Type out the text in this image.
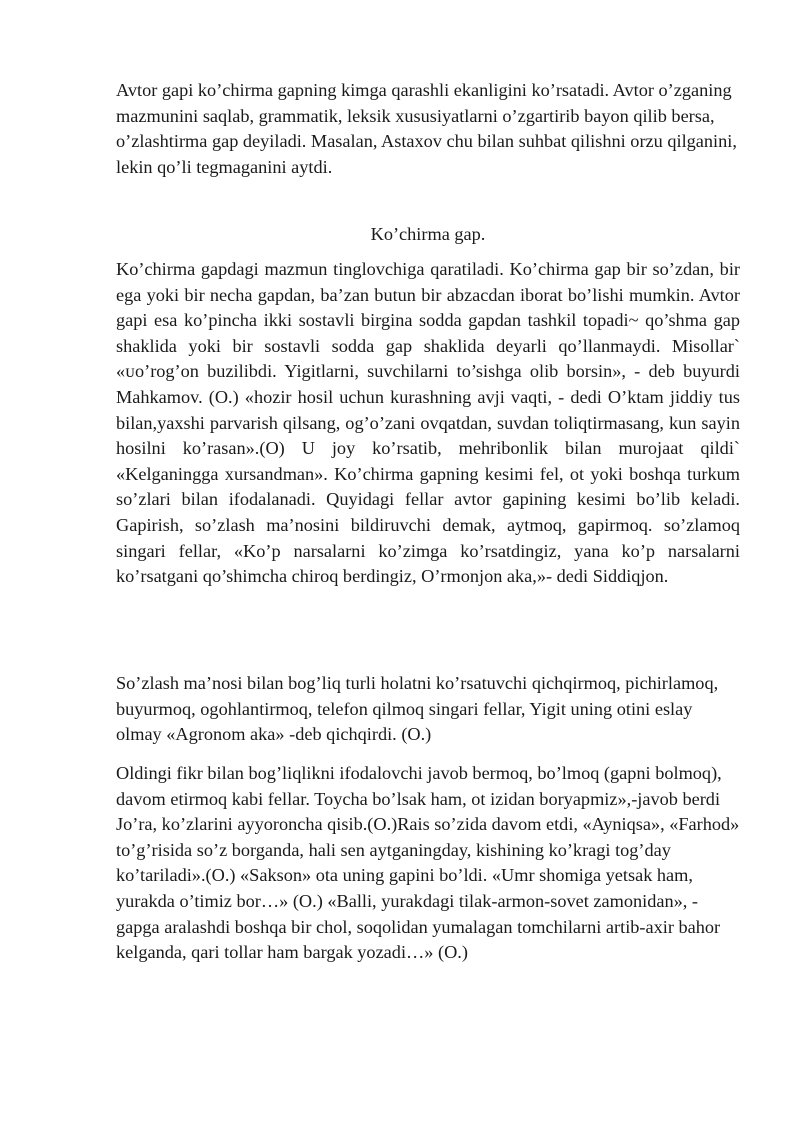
Avtor gapi ko’chirma gapning kimga qarashli ekanligini ko’rsatadi. Avtor o’zganing mazmunini saqlab, grammatik, leksik xususiyatlarni o’zgartirib bayon qilib bersa, o’zlashtirma gap deyiladi. Masalan, Astaxov chu bilan suhbat qilishni orzu qilganini, lekin qo’li tegmaganini aytdi.

Ko’chirma gap.

Ko’chirma gapdagi mazmun tinglovchiga qaratiladi. Ko’chirma gap bir so’zdan, bir ega yoki bir necha gapdan, ba’zan butun bir abzacdan iborat bo’lishi mumkin. Avtor gapi esa ko’pincha ikki sostavli birgina sodda gapdan tashkil topadi~ qo’shma gap shaklida yoki bir sostavli sodda gap shaklida deyarli qo’llanmaydi. Misollar` «ᴜo’rog’on buzilibdi. Yigitlarni, suvchilarni to’sishga olib borsin», - deb buyurdi Mahkamov. (O.) «hozir hosil uchun kurashning avji vaqti, - dedi O’ktam jiddiy tus bilan,yaxshi parvarish qilsang, og’o’zani ovqatdan, suvdan toliqtirmasang, kun sayin hosilni ko’rasan».(O) U joy ko’rsatib, mehribonlik bilan murojaat qildi` «Kelganingga xursandman». Ko’chirma gapning kesimi fel, ot yoki boshqa turkum so’zlari bilan ifodalanadi. Quyidagi fellar avtor gapining kesimi bo’lib keladi. Gapirish, so’zlash ma’nosini bildiruvchi demak, aytmoq, gapirmoq. so’zlamoq singari fellar, «Ko’p narsalarni ko’zimga ko’rsatdingiz, yana ko’p narsalarni ko’rsatgani qo’shimcha chiroq berdingiz, O’rmonjon aka,»- dedi Siddiqjon.

So’zlash ma’nosi bilan bog’liq turli holatni ko’rsatuvchi qichqirmoq, pichirlamoq, buyurmoq, ogohlantirmoq, telefon qilmoq singari fellar, Yigit uning otini eslay olmay «Agronom aka» -deb qichqirdi. (O.)

Oldingi fikr bilan bog’liqlikni ifodalovchi javob bermoq, bo’lmoq (gapni bolmoq), davom etirmoq kabi fellar. Toycha bo’lsak ham, ot izidan boryapmiz»,-javob berdi Jo’ra, ko’zlarini ayyoroncha qisib.(O.)Rais so’zida davom etdi, «Ayniqsa», «Farhod» to’g’risida so’z borganda, hali sen aytganingday, kishining ko’kragi tog’day ko’tariladi».(O.) «Sakson» ota uning gapini bo’ldi. «Umr shomiga yetsak ham, yurakda o’timiz bor…» (O.) «Balli, yurakdagi tilak-armon-sovet zamonidan», - gapga aralashdi boshqa bir chol, soqolidan yumalagan tomchilarni artib-axir bahor kelganda, qari tollar ham bargak yozadi…» (O.)
